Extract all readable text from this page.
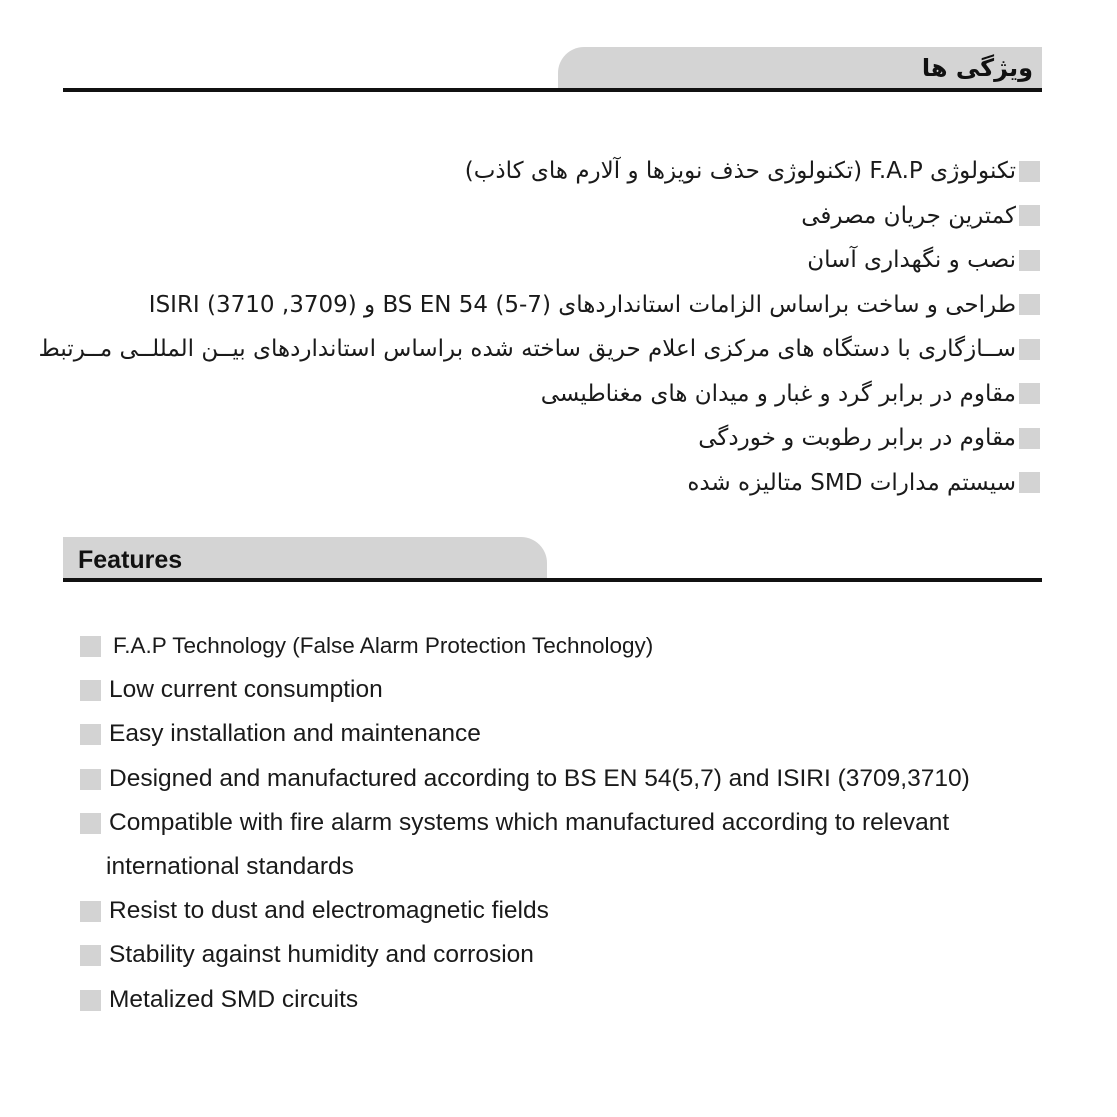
ویژگی ها
تکنولوژی F.A.P (تکنولوژی حذف نویزها و آلارم های کاذب)
کمترین جریان مصرفی
نصب و نگهداری آسان
طراحی و ساخت براساس الزامات استانداردهای (7-5) BS EN 54 و (3709, 3710) ISIRI
ســازگاری با دستگاه های مرکزی اعلام حریق ساخته شده براساس استانداردهای بیــن المللــی مــرتبط
مقاوم در برابر گرد و غبار و میدان های مغناطیسی
مقاوم در برابر رطوبت و خوردگی
سیستم مدارات SMD متالیزه شده
Features
F.A.P Technology (False Alarm Protection Technology)
Low current consumption
Easy installation and maintenance
Designed and manufactured according to BS EN 54(5,7) and ISIRI (3709,3710)
Compatible with fire alarm systems which manufactured according to relevant
international standards
Resist to dust and electromagnetic fields
Stability against humidity and corrosion
Metalized SMD circuits
